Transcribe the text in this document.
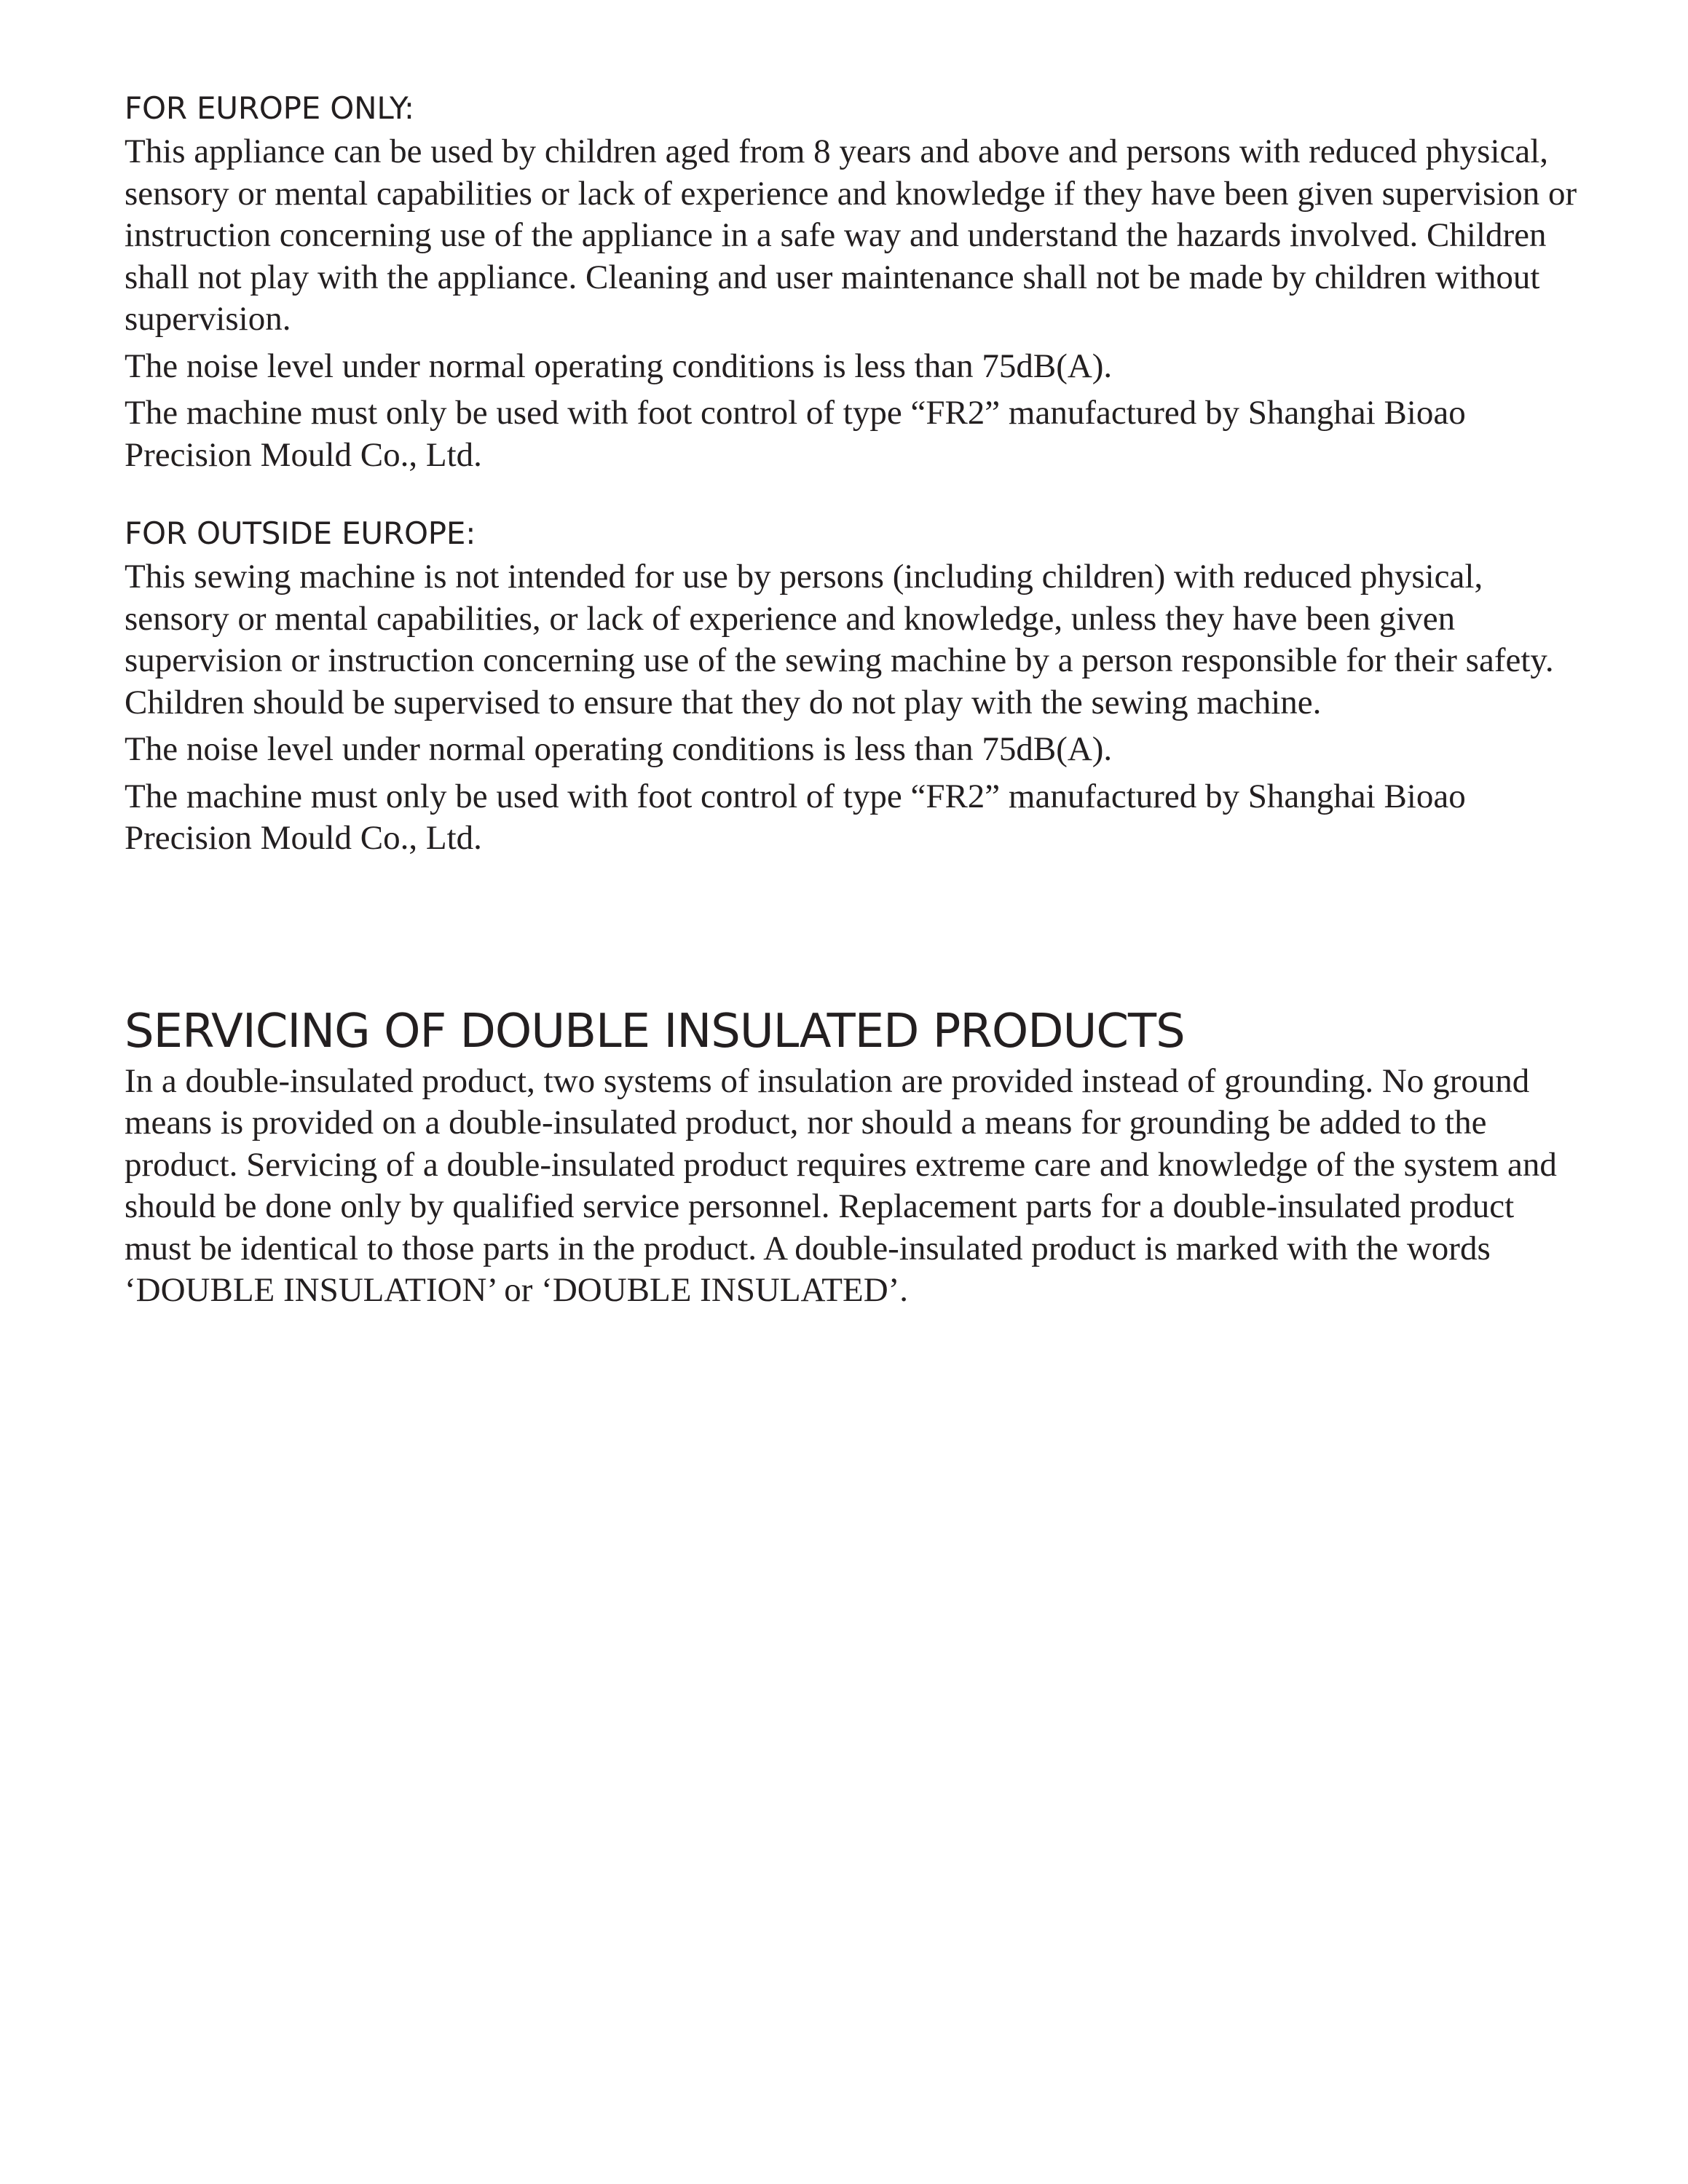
FOR EUROPE ONLY:

This appliance can be used by children aged from 8 years and above and persons with reduced physical, sensory or mental capabilities or lack of experience and knowledge if they have been given supervision or instruction concerning use of the appliance in a safe way and understand the hazards involved. Children shall not play with the appliance. Cleaning and user maintenance shall not be made by children without supervision.

The noise level under normal operating conditions is less than 75dB(A).

The machine must only be used with foot control of type “FR2” manufactured by Shanghai Bioao Precision Mould Co., Ltd.

FOR OUTSIDE EUROPE:

This sewing machine is not intended for use by persons (including children) with reduced physical, sensory or mental capabilities, or lack of experience and knowledge, unless they have been given supervision or instruction concerning use of the sewing machine by a person responsible for their safety. Children should be supervised to ensure that they do not play with the sewing machine.

The noise level under normal operating conditions is less than 75dB(A).

The machine must only be used with foot control of type “FR2” manufactured by Shanghai Bioao Precision Mould Co., Ltd.

SERVICING OF DOUBLE INSULATED PRODUCTS

In a double-insulated product, two systems of insulation are provided instead of grounding. No ground means is provided on a double-insulated product, nor should a means for grounding be added to the product. Servicing of a double-insulated product requires extreme care and knowledge of the system and should be done only by qualified service personnel. Replacement parts for a double-insulated product must be identical to those parts in the product. A double-insulated product is marked with the words ‘DOUBLE INSULATION’ or ‘DOUBLE INSULATED’.
